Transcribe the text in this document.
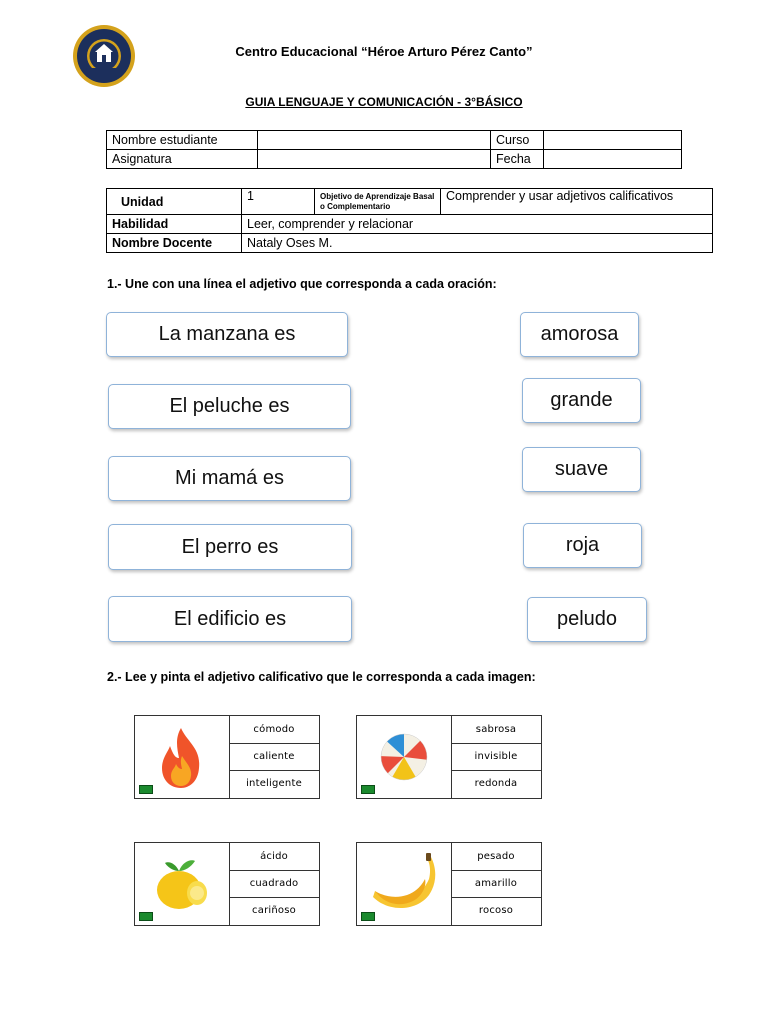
Centro Educacional “Héroe Arturo Pérez Canto”
GUIA LENGUAJE Y COMUNICACIÓN - 3°BÁSICO
Nombre estudiante		Curso	
Asignatura		Fecha	
Unidad	1	Objetivo de Aprendizaje Basal o Complementario	Comprender y usar adjetivos calificativos
Habilidad	Leer, comprender y relacionar		
Nombre Docente	Nataly Oses M.		
1.- Une con una línea el adjetivo que corresponda a cada oración:
La manzana es
El peluche es
Mi mamá es
El perro es
El edificio es
amorosa
grande
suave
roja
peludo
2.- Lee y pinta el adjetivo calificativo que le corresponda a cada imagen:
cómodo
caliente
inteligente
sabrosa
invisible
redonda
ácido
cuadrado
cariñoso
pesado
amarillo
rocoso
